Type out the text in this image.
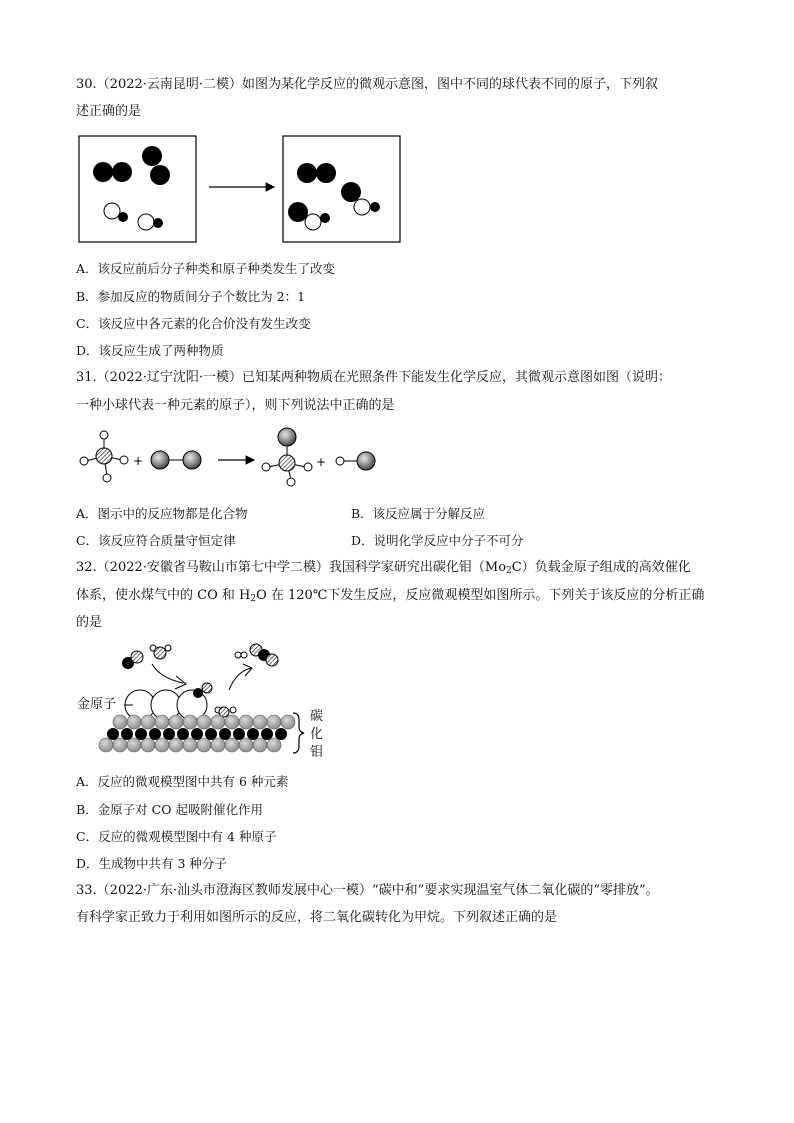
30.（2022·云南昆明·二模）如图为某化学反应的微观示意图，图中不同的球代表不同的原子，下列叙
述正确的是
A．该反应前后分子种类和原子种类发生了改变
B．参加反应的物质间分子个数比为 2：1
C．该反应中各元素的化合价没有发生改变
D．该反应生成了两种物质
31.（2022·辽宁沈阳·一模）已知某两种物质在光照条件下能发生化学反应，其微观示意图如图（说明：
一种小球代表一种元素的原子），则下列说法中正确的是
+	+
A．图示中的反应物都是化合物	B．该反应属于分解反应
C．该反应符合质量守恒定律	D．说明化学反应中分子不可分
32.（2022·安徽省马鞍山市第七中学二模）我国科学家研究出碳化钼$(Mo_2C)$负载金原子组成的高效催化
体系，使水煤气中的 CO 和 $H_2O$ 在 120℃下发生反应，反应微观模型如图所示。下列关于该反应的分析正确
的是
金原子
碳
化
钼
A．反应的微观模型图中共有 6 种元素
B．金原子对 CO 起吸附催化作用
C．反应的微观模型图中有 4 种原子
D．生成物中共有 3 种分子
33.（2022·广东·汕头市澄海区教师发展中心一模）“碳中和”要求实现温室气体二氧化碳的“零排放”。
有科学家正致力于利用如图所示的反应，将二氧化碳转化为甲烷。下列叙述正确的是
